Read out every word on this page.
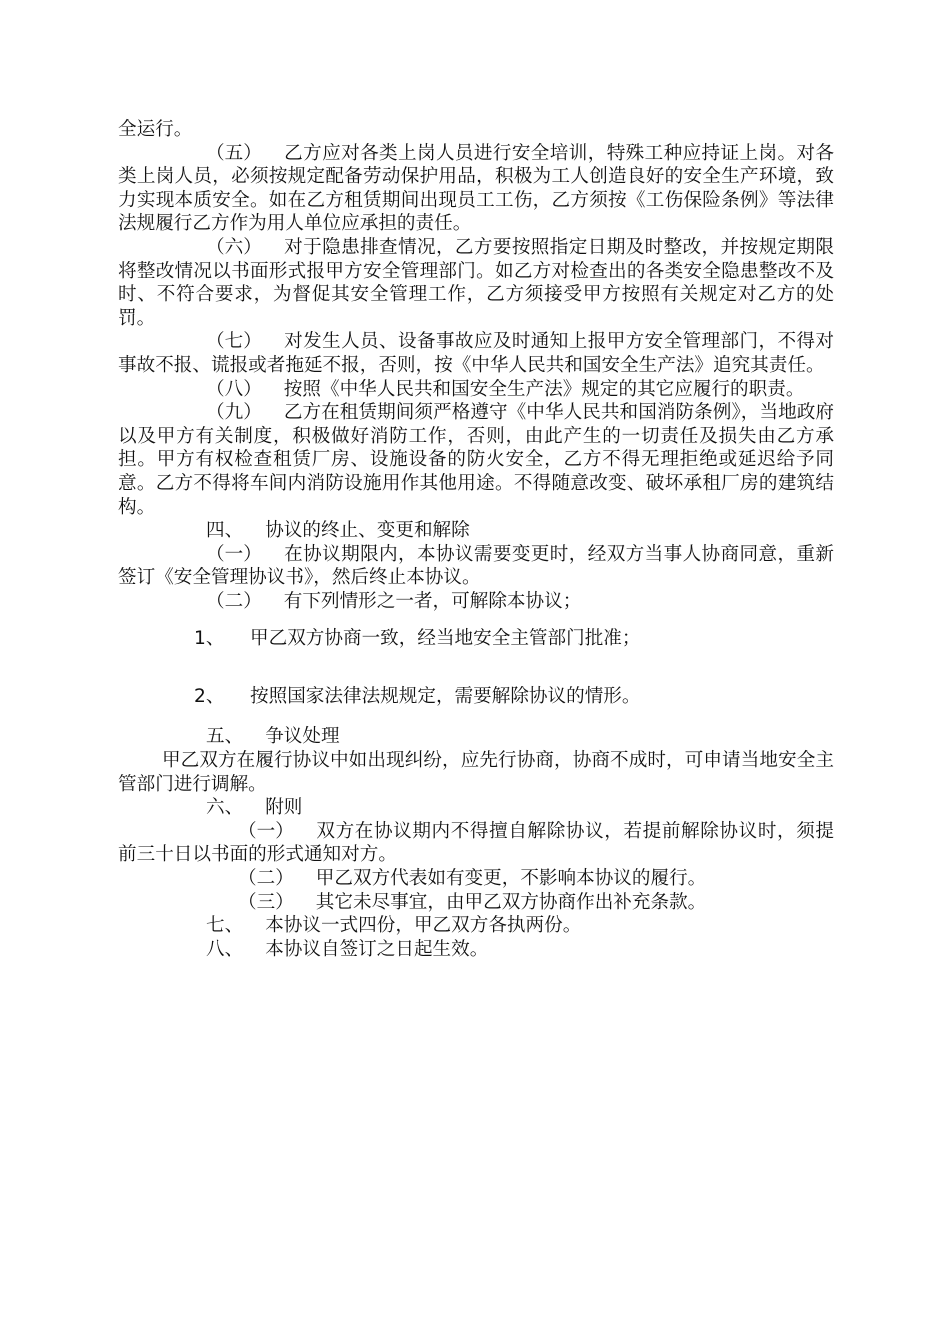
全运行。

（五） 乙方应对各类上岗人员进行安全培训，特殊工种应持证上岗。对各类上岗人员，必须按规定配备劳动保护用品，积极为工人创造良好的安全生产环境，致力实现本质安全。如在乙方租赁期间出现员工工伤，乙方须按《工伤保险条例》等法律法规履行乙方作为用人单位应承担的责任。

（六） 对于隐患排查情况，乙方要按照指定日期及时整改，并按规定期限将整改情况以书面形式报甲方安全管理部门。如乙方对检查出的各类安全隐患整改不及时、不符合要求，为督促其安全管理工作，乙方须接受甲方按照有关规定对乙方的处罚。

（七） 对发生人员、设备事故应及时通知上报甲方安全管理部门，不得对事故不报、谎报或者拖延不报，否则，按《中华人民共和国安全生产法》追究其责任。

（八） 按照《中华人民共和国安全生产法》规定的其它应履行的职责。

（九） 乙方在租赁期间须严格遵守《中华人民共和国消防条例》，当地政府以及甲方有关制度，积极做好消防工作，否则，由此产生的一切责任及损失由乙方承担。甲方有权检查租赁厂房、设施设备的防火安全，乙方不得无理拒绝或延迟给予同意。乙方不得将车间内消防设施用作其他用途。不得随意改变、破坏承租厂房的建筑结构。

四、 协议的终止、变更和解除

（一） 在协议期限内，本协议需要变更时，经双方当事人协商同意，重新签订《安全管理协议书》，然后终止本协议。

（二） 有下列情形之一者，可解除本协议；

1、 甲乙双方协商一致，经当地安全主管部门批准；

2、 按照国家法律法规规定，需要解除协议的情形。

五、 争议处理

甲乙双方在履行协议中如出现纠纷，应先行协商，协商不成时，可申请当地安全主管部门进行调解。

六、 附则

（一） 双方在协议期内不得擅自解除协议，若提前解除协议时，须提前三十日以书面的形式通知对方。

（二） 甲乙双方代表如有变更，不影响本协议的履行。

（三） 其它未尽事宜，由甲乙双方协商作出补充条款。

七、 本协议一式四份，甲乙双方各执两份。

八、 本协议自签订之日起生效。
